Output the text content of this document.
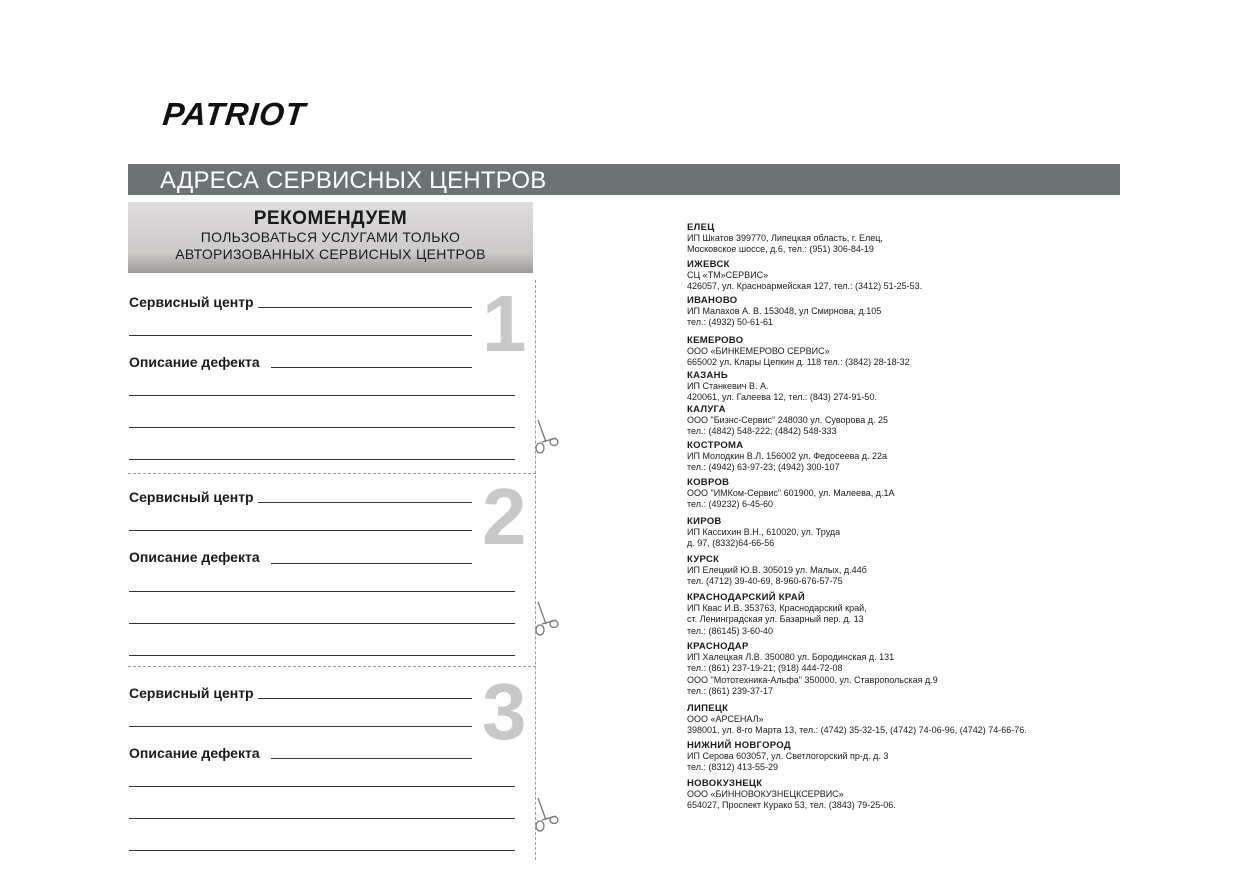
PATRIOT
АДРЕСА СЕРВИСНЫХ ЦЕНТРОВ
РЕКОМЕНДУЕМ
ПОЛЬЗОВАТЬСЯ УСЛУГАМИ ТОЛЬКО
АВТОРИЗОВАННЫХ СЕРВИСНЫХ ЦЕНТРОВ
Сервисный центр
Описание дефекта	1
Сервисный центр
Описание дефекта	2
Сервисный центр
Описание дефекта	3
ЕЛЕЦ
ИП Шкатов 399770, Липецкая область, г. Елец,
Московское шоссе, д.6, тел.: (951) 306-84-19
ИЖЕВСК
СЦ «ТМ»СЕРВИС»
426057, ул. Красноармейская 127, тел.: (3412) 51-25-53.
ИВАНОВО
ИП Малахов А. В. 153048, ул Смирнова, д.105
тел.: (4932) 50-61-61
КЕМЕРОВО
ООО «БИНКЕМЕРОВО СЕРВИС»
665002 ул. Клары Цепкин д. 118 тел.: (3842) 28-18-32
КАЗАНЬ
ИП Станкевич В. А.
420061, ул. Галеева 12, тел.: (843) 274-91-50.
КАЛУГА
ООО "Бизнс-Сервис" 248030 ул. Суворова д. 25
тел.: (4842) 548-222; (4842) 548-333
КОСТРОМА
ИП Молодкин В.Л. 156002 ул. Федосеева д. 22а
тел.: (4942) 63-97-23; (4942) 300-107
КОВРОВ
ООО "ИМКом-Сервис" 601900, ул. Малеева, д.1А
тел.: (49232) 6-45-60
КИРОВ
ИП Кассихин В.Н., 610020, ул. Труда
д. 97, (8332)64-66-56
КУРСК
ИП Елецкий Ю.В. 305019 ул. Малых, д.44б
тел. (4712) 39-40-69, 8-960-676-57-75
КРАСНОДАРСКИЙ КРАЙ
ИП Квас И.В. 353763, Краснодарский край,
ст. Ленинградская ул. Базарный пер. д. 13
тел.: (86145) 3-60-40
КРАСНОДАР
ИП Халецкая Л.В. 350080 ул. Бородинская д. 131
тел.: (861) 237-19-21; (918) 444-72-08
ООО "Мототехника-Альфа" 350000, ул. Ставропольская д.9
тел.: (861) 239-37-17
ЛИПЕЦК
ООО «АРСЕНАЛ»
398001, ул. 8-го Марта 13, тел.: (4742) 35-32-15, (4742) 74-06-96, (4742) 74-66-76.
НИЖНИЙ НОВГОРОД
ИП Серова 603057, ул. Светлогорский пр-д. д. 3
тел.: (8312) 413-55-29
НОВОКУЗНЕЦК
ООО «БИННОВОКУЗНЕЦКСЕРВИС»
654027, Проспект Курако 53, тел. (3843) 79-25-06.
